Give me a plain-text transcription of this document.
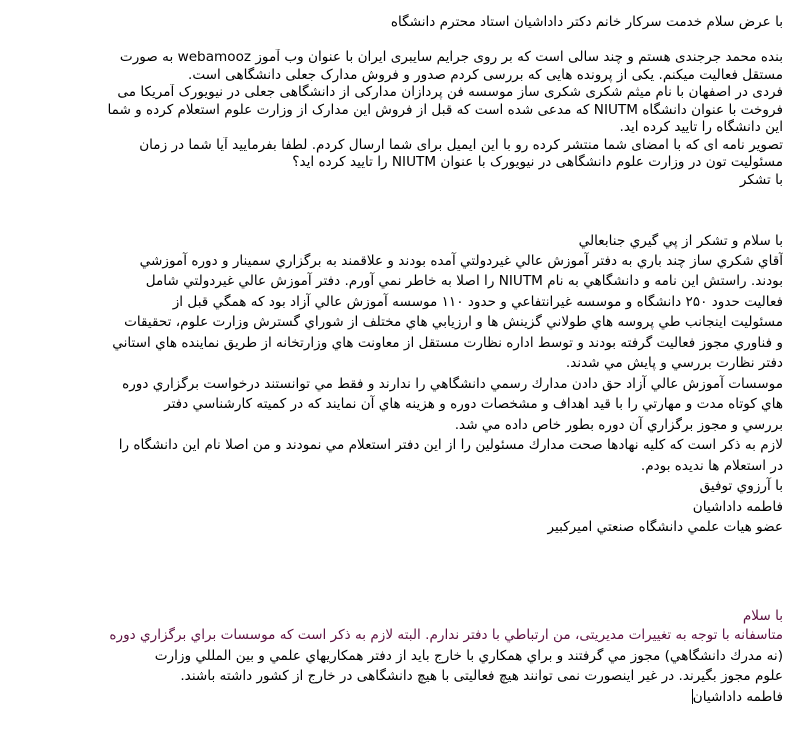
با عرض سلام خدمت سرکار خانم دکتر داداشیان استاد محترم دانشگاه
بنده محمد جرجندی هستم و چند سالی است که بر روی جرایم سایبری ایران با عنوان وب آموز webamooz به صورت
مستقل فعالیت میکنم. یکی از پرونده هایی که بررسی کردم صدور و فروش مدارک جعلی دانشگاهی است.
فردی در اصفهان با نام میثم شکری شکری ساز موسسه فن پردازان مدارکی از دانشگاهی جعلی در نیویورک آمریکا می
فروخت با عنوان دانشگاه NIUTM که مدعی شده است که قبل از فروش این مدارک از وزارت علوم استعلام کرده و شما
این دانشگاه را تایید کرده اید.
تصویر نامه ای که با امضای شما منتشر کرده رو با این ایمیل برای شما ارسال کردم. لطفا بفرمایید آیا شما در زمان
مسئولیت تون در وزارت علوم دانشگاهی در نیویورک با عنوان NIUTM را تایید کرده اید؟
با تشکر
با سلام و تشكر از پي گيري جنابعالي
آقاي شكري ساز چند باري به دفتر آموزش عالي غيردولتي آمده بودند و علاقمند به برگزاري سمينار و دوره آموزشي
بودند. راستش اين نامه و دانشگاهي به نام NIUTM را اصلا به خاطر نمي آورم. دفتر آموزش عالي غيردولتي شامل
فعاليت حدود ۲۵۰ دانشگاه و موسسه غيرانتفاعي و حدود ۱۱۰ موسسه آموزش عالي آزاد بود كه همگي قبل از
مسئوليت اينجانب طي پروسه هاي طولاني گزينش ها و ارزيابي هاي مختلف از شوراي گسترش وزارت علوم، تحقيقات
و فناوري مجوز فعاليت گرفته بودند و توسط اداره نظارت مستقل از معاونت هاي وزارتخانه از طريق نماينده هاي استاني
دفتر نظارت بررسي و پايش مي شدند.
موسسات آموزش عالي آزاد حق دادن مدارك رسمي دانشگاهي را ندارند و فقط مي توانستند درخواست برگزاري دوره
هاي كوتاه مدت و مهارتي را با قيد اهداف و مشخصات دوره و هزينه هاي آن نمايند كه در كميته كارشناسي دفتر
بررسي و مجوز برگزاري آن دوره بطور خاص داده مي شد.
لازم به ذكر است كه كليه نهادها صحت مدارك مسئولين را از اين دفتر استعلام مي نمودند و من اصلا نام اين دانشگاه را
در استعلام ها نديده بودم.
با آرزوي توفيق
فاطمه داداشيان
عضو هيات علمي دانشگاه صنعتي اميركبير
با سلام
متاسفانه با توجه به تغییرات مدیریتی، من ارتباطي با دفتر ندارم. البته لازم به ذكر است كه موسسات براي برگزاري دوره
(نه مدرك دانشگاهي) مجوز مي گرفتند و براي همكاري با خارج بايد از دفتر همكاريهاي علمي و بين المللي وزارت
علوم مجوز بگيرند. در غير اينصورت نمی توانند هیچ فعالیتی با هیچ دانشگاهی در خارج از کشور داشته باشند.
فاطمه داداشيان
